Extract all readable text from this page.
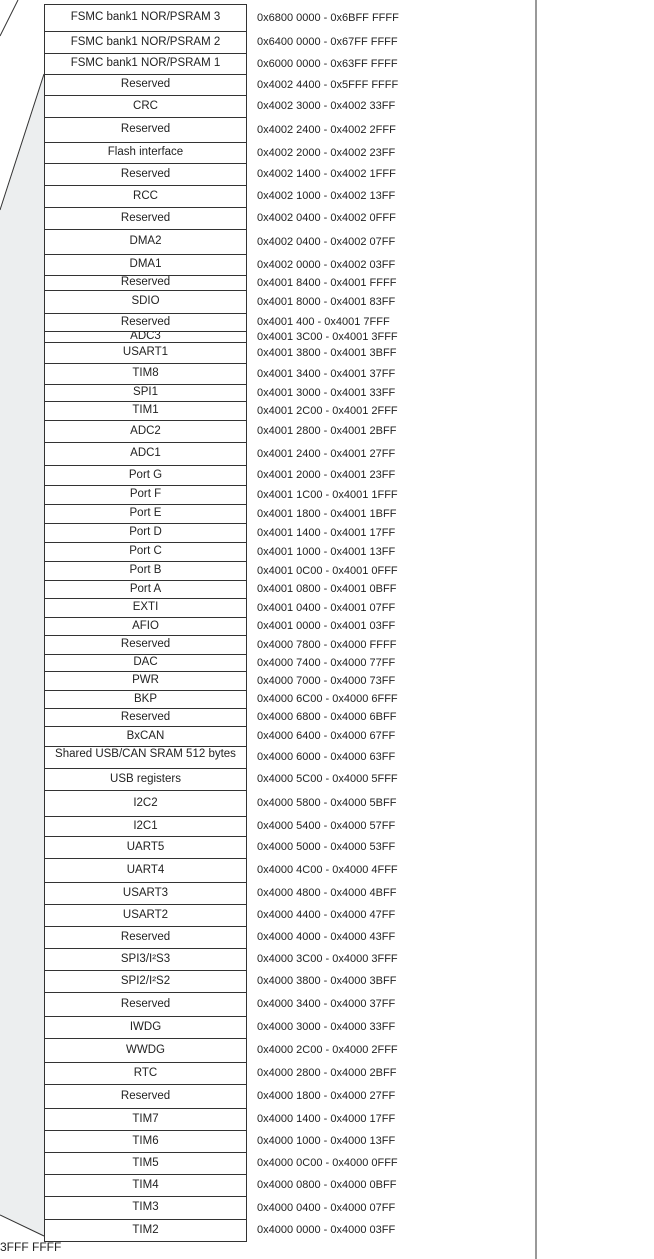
FSMC bank1 NOR/PSRAM 3	0x6800 0000 - 0x6BFF FFFF
FSMC bank1 NOR/PSRAM 2	0x6400 0000 - 0x67FF FFFF
FSMC bank1 NOR/PSRAM 1	0x6000 0000 - 0x63FF FFFF
Reserved	0x4002 4400 - 0x5FFF FFFF
CRC	0x4002 3000 - 0x4002 33FF
Reserved	0x4002 2400 - 0x4002 2FFF
Flash interface	0x4002 2000 - 0x4002 23FF
Reserved	0x4002 1400 - 0x4002 1FFF
RCC	0x4002 1000 - 0x4002 13FF
Reserved	0x4002 0400 - 0x4002 0FFF
DMA2	0x4002 0400 - 0x4002 07FF
DMA1	0x4002 0000 - 0x4002 03FF
Reserved	0x4001 8400 - 0x4001 FFFF
SDIO	0x4001 8000 - 0x4001 83FF
Reserved	0x4001 400 - 0x4001 7FFF
ADC3	0x4001 3C00 - 0x4001 3FFF
USART1	0x4001 3800 - 0x4001 3BFF
TIM8	0x4001 3400 - 0x4001 37FF
SPI1	0x4001 3000 - 0x4001 33FF
TIM1	0x4001 2C00 - 0x4001 2FFF
ADC2	0x4001 2800 - 0x4001 2BFF
ADC1	0x4001 2400 - 0x4001 27FF
Port G	0x4001 2000 - 0x4001 23FF
Port F	0x4001 1C00 - 0x4001 1FFF
Port E	0x4001 1800 - 0x4001 1BFF
Port D	0x4001 1400 - 0x4001 17FF
Port C	0x4001 1000 - 0x4001 13FF
Port B	0x4001 0C00 - 0x4001 0FFF
Port A	0x4001 0800 - 0x4001 0BFF
EXTI	0x4001 0400 - 0x4001 07FF
AFIO	0x4001 0000 - 0x4001 03FF
Reserved	0x4000 7800 - 0x4000 FFFF
DAC	0x4000 7400 - 0x4000 77FF
PWR	0x4000 7000 - 0x4000 73FF
BKP	0x4000 6C00 - 0x4000 6FFF
Reserved	0x4000 6800 - 0x4000 6BFF
BxCAN	0x4000 6400 - 0x4000 67FF
Shared USB/CAN SRAM 512 bytes	0x4000 6000 - 0x4000 63FF
USB registers	0x4000 5C00 - 0x4000 5FFF
I2C2	0x4000 5800 - 0x4000 5BFF
I2C1	0x4000 5400 - 0x4000 57FF
UART5	0x4000 5000 - 0x4000 53FF
UART4	0x4000 4C00 - 0x4000 4FFF
USART3	0x4000 4800 - 0x4000 4BFF
USART2	0x4000 4400 - 0x4000 47FF
Reserved	0x4000 4000 - 0x4000 43FF
SPI3/I²S3	0x4000 3C00 - 0x4000 3FFF
SPI2/I²S2	0x4000 3800 - 0x4000 3BFF
Reserved	0x4000 3400 - 0x4000 37FF
IWDG	0x4000 3000 - 0x4000 33FF
WWDG	0x4000 2C00 - 0x4000 2FFF
RTC	0x4000 2800 - 0x4000 2BFF
Reserved	0x4000 1800 - 0x4000 27FF
TIM7	0x4000 1400 - 0x4000 17FF
TIM6	0x4000 1000 - 0x4000 13FF
TIM5	0x4000 0C00 - 0x4000 0FFF
TIM4	0x4000 0800 - 0x4000 0BFF
TIM3	0x4000 0400 - 0x4000 07FF
TIM2	0x4000 0000 - 0x4000 03FF
3FFF FFFF
